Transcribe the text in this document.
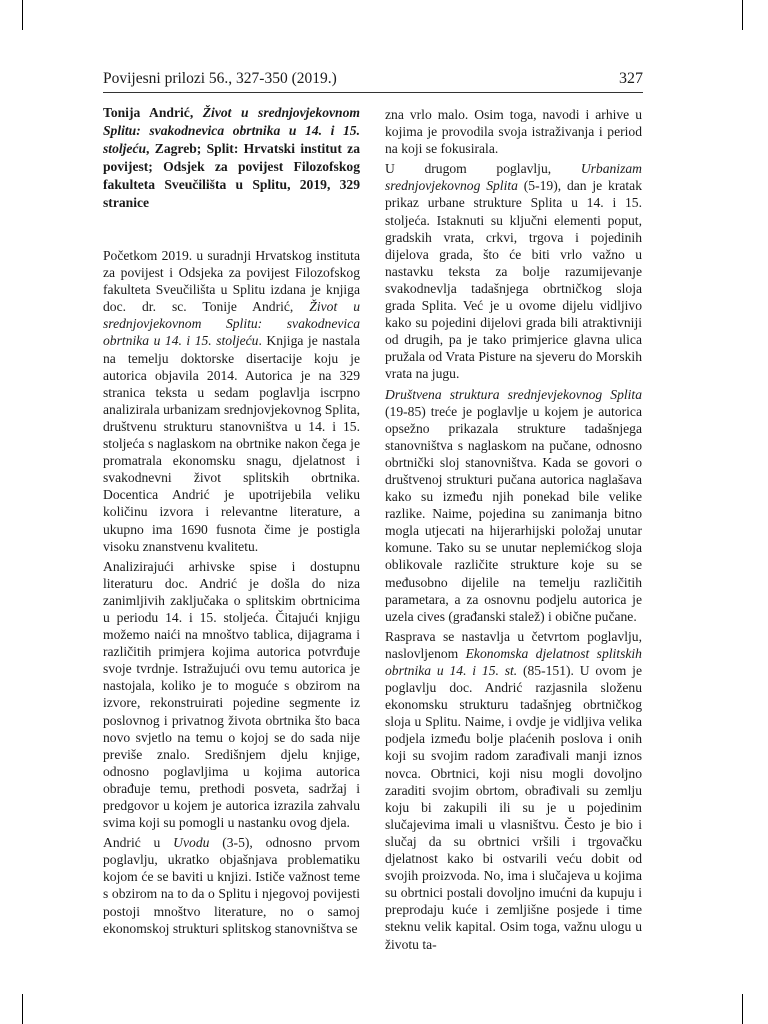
Povijesni prilozi 56., 327-350 (2019.)	327

Tonija Andrić, Život u srednjovjekovnom Splitu: svakodnevica obrtnika u 14. i 15. stoljeću, Zagreb; Split: Hrvatski institut za povijest; Odsjek za povijest Filozofskog fakulteta Sveučilišta u Splitu, 2019, 329 stranice

Početkom 2019. u suradnji Hrvatskog instituta za povijest i Odsjeka za povijest Filozofskog fakulteta Sveučilišta u Splitu izdana je knjiga doc. dr. sc. Tonije Andrić, Život u srednjovjekovnom Splitu: svakodnevica obrtnika u 14. i 15. stoljeću. Knjiga je nastala na temelju doktorske disertacije koju je autorica objavila 2014. Autorica je na 329 stranica teksta u sedam poglavlja iscrpno analizirala urbanizam srednjovjekovnog Splita, društvenu strukturu stanovništva u 14. i 15. stoljeća s naglaskom na obrtnike nakon čega je promatrala ekonomsku snagu, djelatnost i svakodnevni život splitskih obrtnika. Docentica Andrić je upotrijebila veliku količinu izvora i relevantne literature, a ukupno ima 1690 fusnota čime je postigla visoku znanstvenu kvalitetu.

Analizirajući arhivske spise i dostupnu literaturu doc. Andrić je došla do niza zanimljivih zaključaka o splitskim obrtnicima u periodu 14. i 15. stoljeća. Čitajući knjigu možemo naići na mnoštvo tablica, dijagrama i različitih primjera kojima autorica potvrđuje svoje tvrdnje. Istražujući ovu temu autorica je nastojala, koliko je to moguće s obzirom na izvore, rekonstruirati pojedine segmente iz poslovnog i privatnog života obrtnika što baca novo svjetlo na temu o kojoj se do sada nije previše znalo. Središnjem djelu knjige, odnosno poglavljima u kojima autorica obrađuje temu, prethodi posveta, sadržaj i predgovor u kojem je autorica izrazila zahvalu svima koji su pomogli u nastanku ovog djela.

Andrić u Uvodu (3-5), odnosno prvom poglavlju, ukratko objašnjava problematiku kojom će se baviti u knjizi. Ističe važnost teme s obzirom na to da o Splitu i njegovoj povijesti postoji mnoštvo literature, no o samoj ekonomskoj strukturi splitskog stanovništva se

zna vrlo malo. Osim toga, navodi i arhive u kojima je provodila svoja istraživanja i period na koji se fokusirala.

U drugom poglavlju, Urbanizam srednjovjekovnog Splita (5-19), dan je kratak prikaz urbane strukture Splita u 14. i 15. stoljeća. Istaknuti su ključni elementi poput, gradskih vrata, crkvi, trgova i pojedinih dijelova grada, što će biti vrlo važno u nastavku teksta za bolje razumijevanje svakodnevlja tadašnjega obrtničkog sloja grada Splita. Već je u ovome dijelu vidljivo kako su pojedini dijelovi grada bili atraktivniji od drugih, pa je tako primjerice glavna ulica pružala od Vrata Pisture na sjeveru do Morskih vrata na jugu.

Društvena struktura srednjevjekovnog Splita (19-85) treće je poglavlje u kojem je autorica opsežno prikazala strukture tadašnjega stanovništva s naglaskom na pučane, odnosno obrtnički sloj stanovništva. Kada se govori o društvenoj strukturi pučana autorica naglašava kako su između njih ponekad bile velike razlike. Naime, pojedina su zanimanja bitno mogla utjecati na hijerarhijski položaj unutar komune. Tako su se unutar neplemićkog sloja oblikovale različite strukture koje su se međusobno dijelile na temelju različitih parametara, a za osnovnu podjelu autorica je uzela cives (građanski stalež) i obične pučane.

Rasprava se nastavlja u četvrtom poglavlju, naslovljenom Ekonomska djelatnost splitskih obrtnika u 14. i 15. st. (85-151). U ovom je poglavlju doc. Andrić razjasnila složenu ekonomsku strukturu tadašnjeg obrtničkog sloja u Splitu. Naime, i ovdje je vidljiva velika podjela između bolje plaćenih poslova i onih koji su svojim radom zarađivali manji iznos novca. Obrtnici, koji nisu mogli dovoljno zaraditi svojim obrtom, obrađivali su zemlju koju bi zakupili ili su je u pojedinim slučajevima imali u vlasništvu. Često je bio i slučaj da su obrtnici vršili i trgovačku djelatnost kako bi ostvarili veću dobit od svojih proizvoda. No, ima i slučajeva u kojima su obrtnici postali dovoljno imućni da kupuju i preprodaju kuće i zemljišne posjede i time steknu velik kapital. Osim toga, važnu ulogu u životu ta-
